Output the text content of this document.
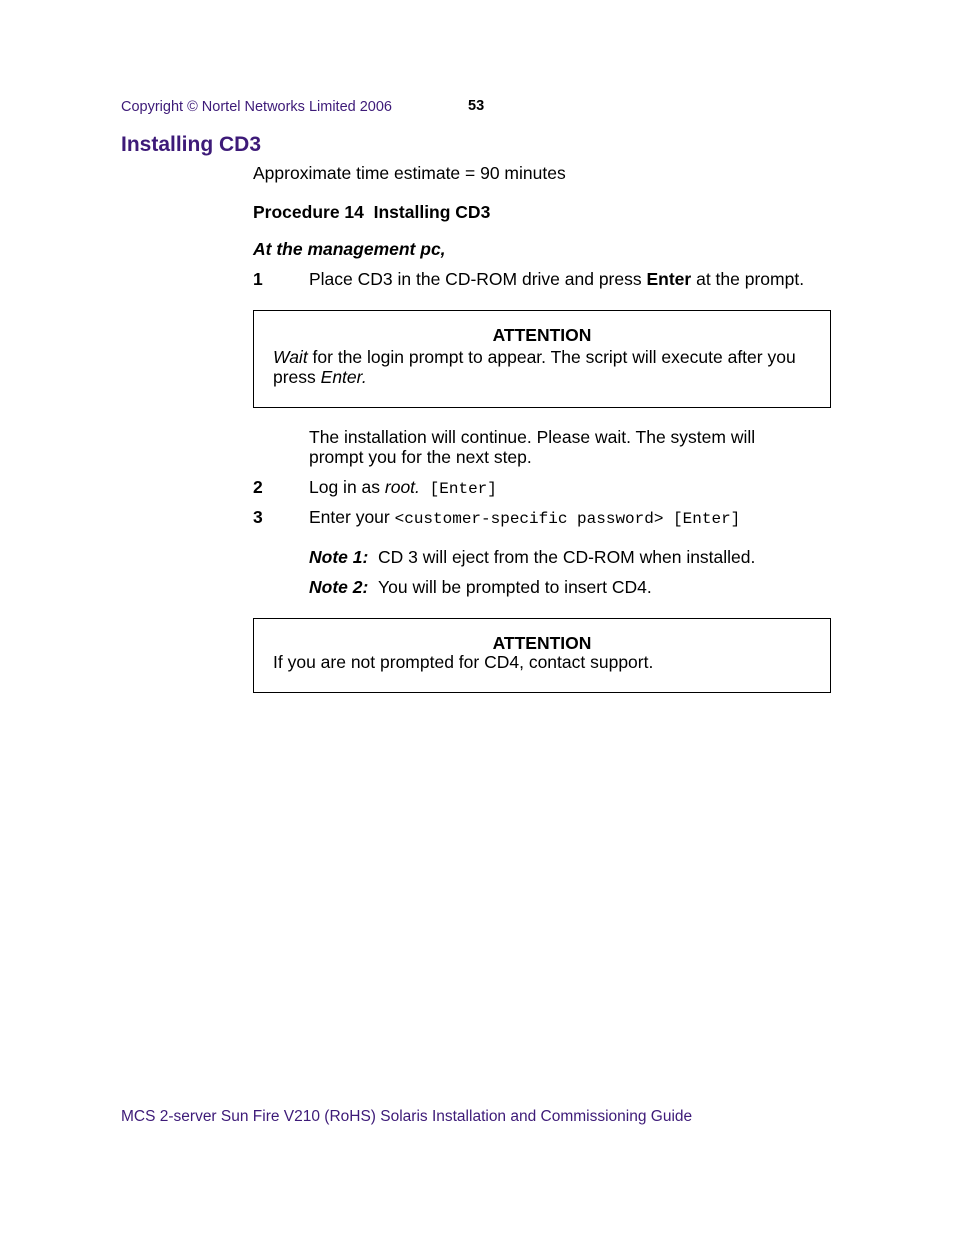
Copyright © Nortel Networks Limited 2006	53
Installing CD3
Approximate time estimate = 90 minutes
Procedure 14 Installing CD3
At the management pc,
1	Place CD3 in the CD-ROM drive and press Enter at the prompt.
ATTENTION
Wait for the login prompt to appear. The script will execute after you press Enter.
The installation will continue. Please wait. The system will prompt you for the next step.
2	Log in as root. [Enter]
3	Enter your <customer-specific password> [Enter]
Note 1: CD 3 will eject from the CD-ROM when installed.
Note 2: You will be prompted to insert CD4.
ATTENTION
If you are not prompted for CD4, contact support.
MCS 2-server Sun Fire V210 (RoHS) Solaris Installation and Commissioning Guide
